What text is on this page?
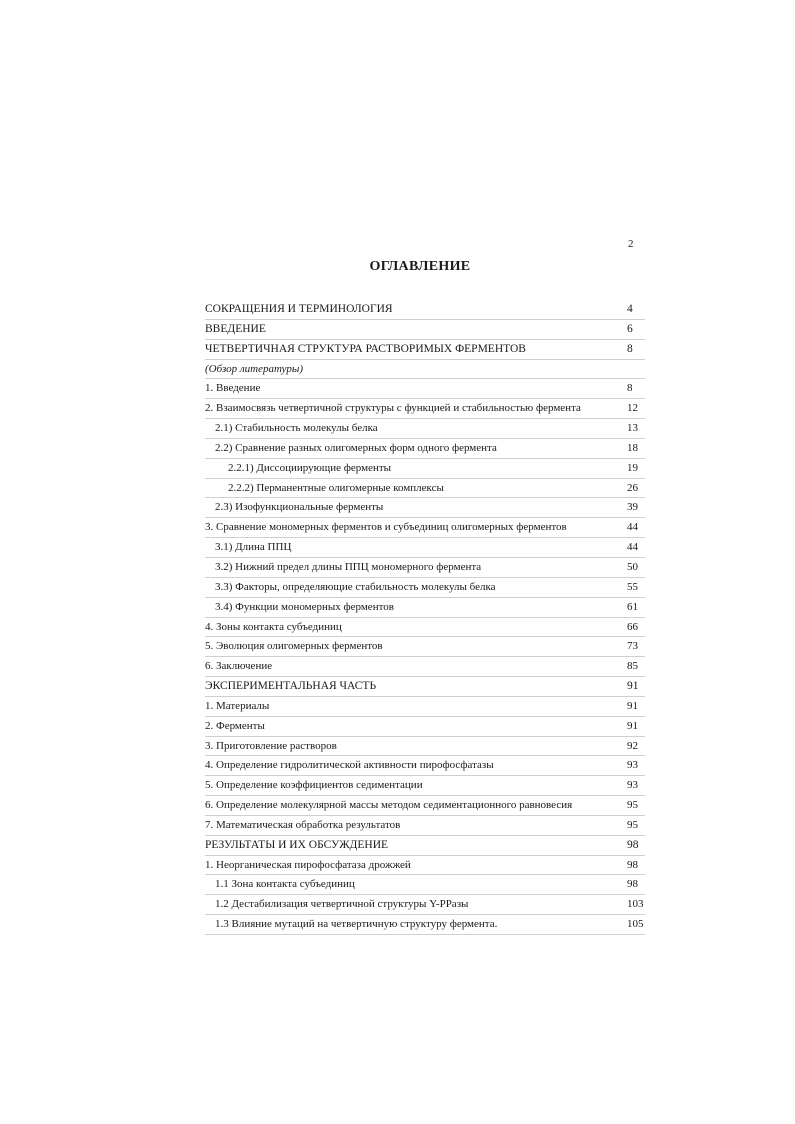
2
ОГЛАВЛЕНИЕ
СОКРАЩЕНИЯ И ТЕРМИНОЛОГИЯ	4
ВВЕДЕНИЕ	6
ЧЕТВЕРТИЧНАЯ СТРУКТУРА РАСТВОРИМЫХ ФЕРМЕНТОВ	8
(Обзор литературы)
1. Введение	8
2. Взаимосвязь четвертичной структуры с функцией и стабильностью фермента	12
2.1) Стабильность молекулы белка	13
2.2) Сравнение разных олигомерных форм одного фермента	18
2.2.1) Диссоциирующие ферменты	19
2.2.2) Перманентные олигомерные комплексы	26
2.3) Изофункциональные ферменты	39
3. Сравнение мономерных ферментов и субъединиц олигомерных ферментов	44
3.1) Длина ППЦ	44
3.2) Нижний предел длины ППЦ мономерного фермента	50
3.3) Факторы, определяющие стабильность молекулы белка	55
3.4) Функции мономерных ферментов	61
4. Зоны контакта субъединиц	66
5. Эволюция олигомерных ферментов	73
6. Заключение	85
ЭКСПЕРИМЕНТАЛЬНАЯ ЧАСТЬ	91
1. Материалы	91
2. Ферменты	91
3. Приготовление растворов	92
4. Определение гидролитической активности пирофосфатазы	93
5. Определение коэффициентов седиментации	93
6. Определение молекулярной массы методом седиментационного равновесия	95
7. Математическая обработка результатов	95
РЕЗУЛЬТАТЫ И ИХ ОБСУЖДЕНИЕ	98
1. Неорганическая пирофосфатаза дрожжей	98
1.1 Зона контакта субъединиц	98
1.2 Дестабилизация четвертичной структуры Y-PPазы	103
1.3 Влияние мутаций на четвертичную структуру фермента.	105
